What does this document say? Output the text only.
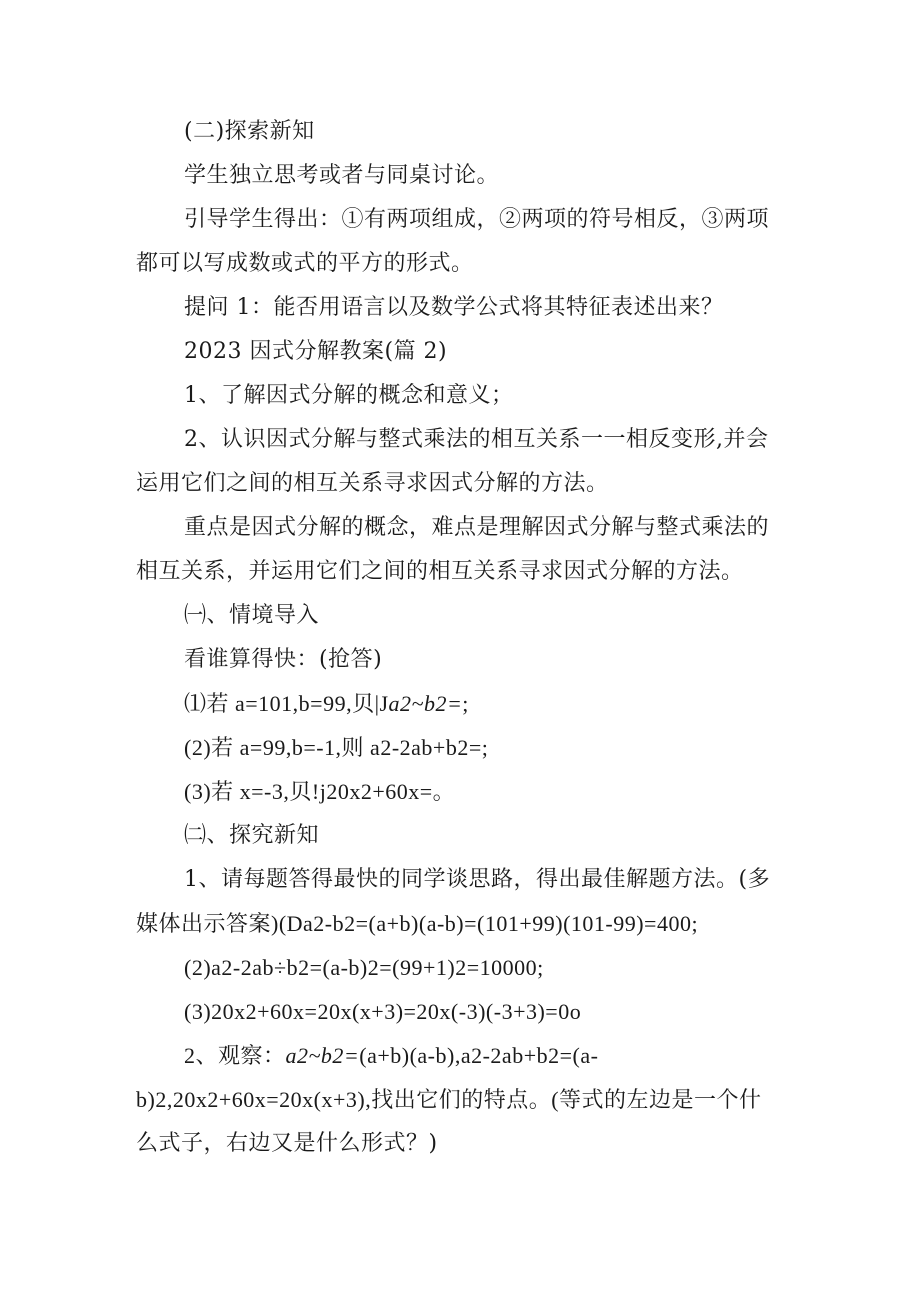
(二)探索新知
学生独立思考或者与同桌讨论。
引导学生得出：①有两项组成，②两项的符号相反，③两项
都可以写成数或式的平方的形式。
提问 1：能否用语言以及数学公式将其特征表述出来？
2023 因式分解教案(篇 2)
1、了解因式分解的概念和意义；
2、认识因式分解与整式乘法的相互关系一一相反变形,并会
运用它们之间的相互关系寻求因式分解的方法。
重点是因式分解的概念，难点是理解因式分解与整式乘法的
相互关系，并运用它们之间的相互关系寻求因式分解的方法。
㈠、情境导入
看谁算得快：(抢答)
⑴若 a=101,b=99,贝|Ja2~b2=;
(2)若 a=99,b=-1,则 a2-2ab+b2=;
(3)若 x=-3,贝!j20x2+60x=。
㈡、探究新知
1、请每题答得最快的同学谈思路，得出最佳解题方法。(多
媒体出示答案)(Da2-b2=(a+b)(a-b)=(101+99)(101-99)=400;
(2)a2-2ab÷b2=(a-b)2=(99+1)2=10000;
(3)20x2+60x=20x(x+3)=20x(-3)(-3+3)=0o
2、观察：a2~b2=(a+b)(a-b),a2-2ab+b2=(a-
b)2,20x2+60x=20x(x+3),找出它们的特点。(等式的左边是一个什
么式子，右边又是什么形式？)
